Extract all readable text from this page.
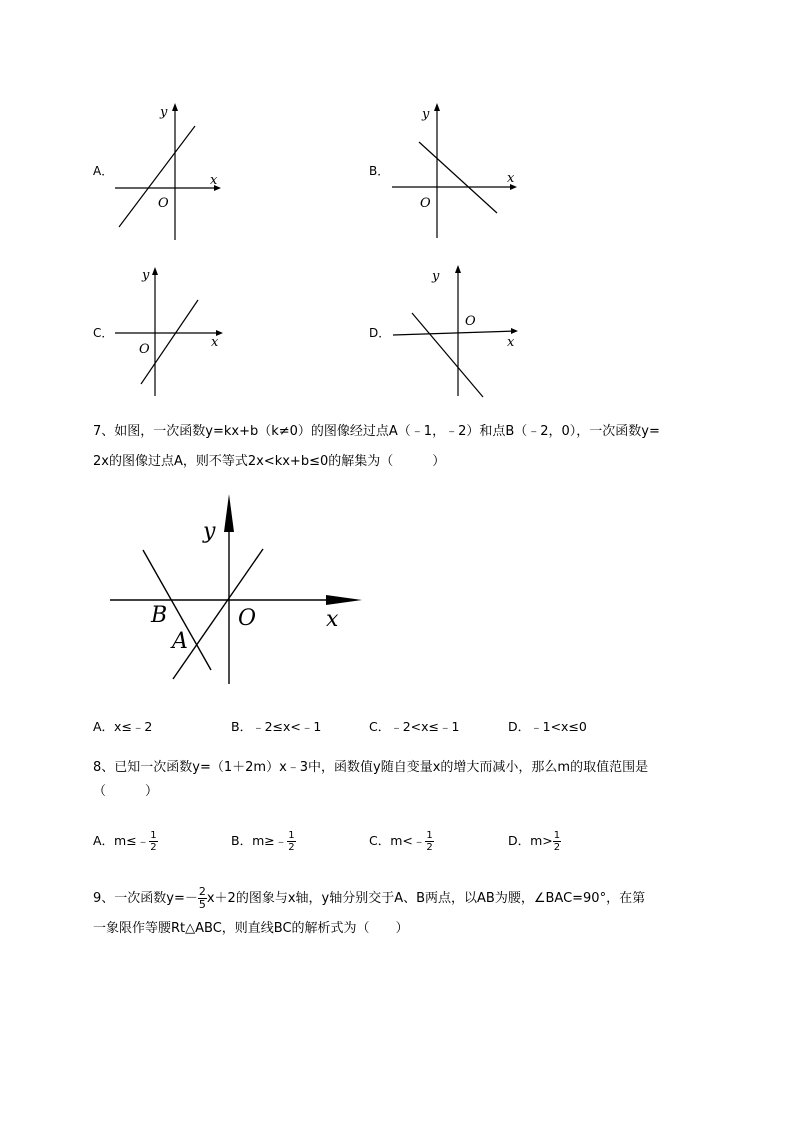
A．
y
x
O
B．
y
x
O
C．
y
x
O
D．
y
x
O
7、如图，一次函数y=kx+b（k≠0）的图像经过点A（﹣1，﹣2）和点B（﹣2，0），一次函数y=
2x的图像过点A，则不等式2x<kx+b≤0的解集为（　　　）
y
x
O
B
A
A．x≤﹣2	B．﹣2≤x<﹣1	C．﹣2<x≤﹣1	D．﹣1<x≤0
8、已知一次函数y=（1＋2m）x﹣3中，函数值y随自变量x的增大而减小，那么m的取值范围是
（　　　）
A．m≤﹣ $\frac{1}{2}$	B．m≥﹣ $\frac{1}{2}$	C．m<﹣ $\frac{1}{2}$	D．$m> \frac{1}{2}$
9、一次函数$y=- \frac{2}{5} x+2$的图象与x轴，y轴分别交于A、B两点，以AB为腰，∠BAC=90°，在第
一象限作等腰Rt△ABC，则直线BC的解析式为（　　）
